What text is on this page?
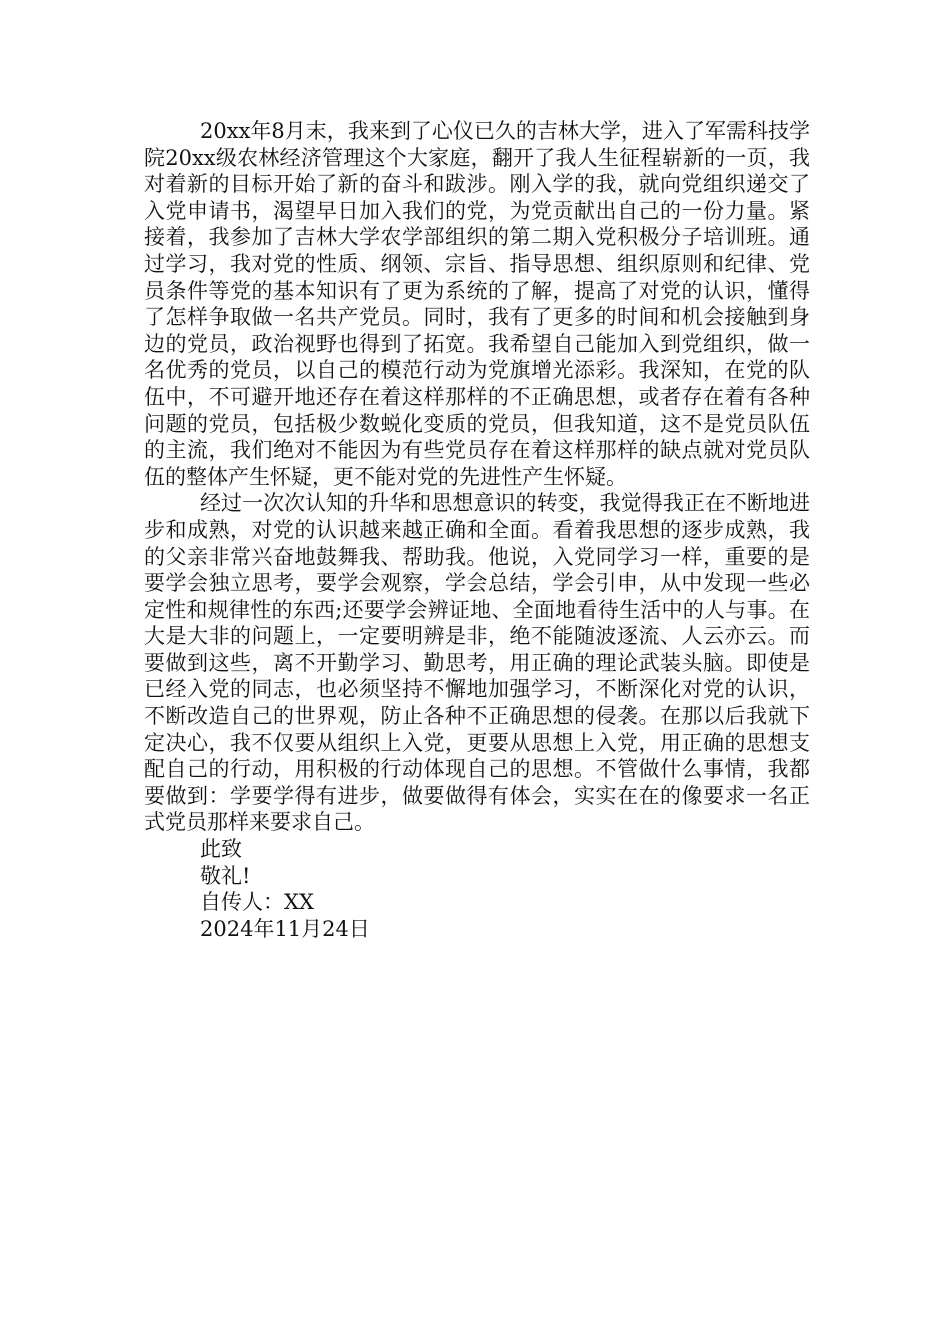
20xx年8月末，我来到了心仪已久的吉林大学，进入了军需科技学院20xx级农林经济管理这个大家庭，翻开了我人生征程崭新的一页，我对着新的目标开始了新的奋斗和跋涉。刚入学的我，就向党组织递交了入党申请书，渴望早日加入我们的党，为党贡献出自己的一份力量。紧接着，我参加了吉林大学农学部组织的第二期入党积极分子培训班。通过学习，我对党的性质、纲领、宗旨、指导思想、组织原则和纪律、党员条件等党的基本知识有了更为系统的了解，提高了对党的认识，懂得了怎样争取做一名共产党员。同时，我有了更多的时间和机会接触到身边的党员，政治视野也得到了拓宽。我希望自己能加入到党组织，做一名优秀的党员，以自己的模范行动为党旗增光添彩。我深知，在党的队伍中，不可避开地还存在着这样那样的不正确思想，或者存在着有各种问题的党员，包括极少数蜕化变质的党员，但我知道，这不是党员队伍的主流，我们绝对不能因为有些党员存在着这样那样的缺点就对党员队伍的整体产生怀疑，更不能对党的先进性产生怀疑。

经过一次次认知的升华和思想意识的转变，我觉得我正在不断地进步和成熟，对党的认识越来越正确和全面。看着我思想的逐步成熟，我的父亲非常兴奋地鼓舞我、帮助我。他说，入党同学习一样，重要的是要学会独立思考，要学会观察，学会总结，学会引申，从中发现一些必定性和规律性的东西;还要学会辨证地、全面地看待生活中的人与事。在大是大非的问题上，一定要明辨是非，绝不能随波逐流、人云亦云。而要做到这些，离不开勤学习、勤思考，用正确的理论武装头脑。即使是已经入党的同志，也必须坚持不懈地加强学习，不断深化对党的认识，不断改造自己的世界观，防止各种不正确思想的侵袭。在那以后我就下定决心，我不仅要从组织上入党，更要从思想上入党，用正确的思想支配自己的行动，用积极的行动体现自己的思想。不管做什么事情，我都要做到：学要学得有进步，做要做得有体会，实实在在的像要求一名正式党员那样来要求自己。

此致

敬礼!

自传人：XX

2024年11月24日
